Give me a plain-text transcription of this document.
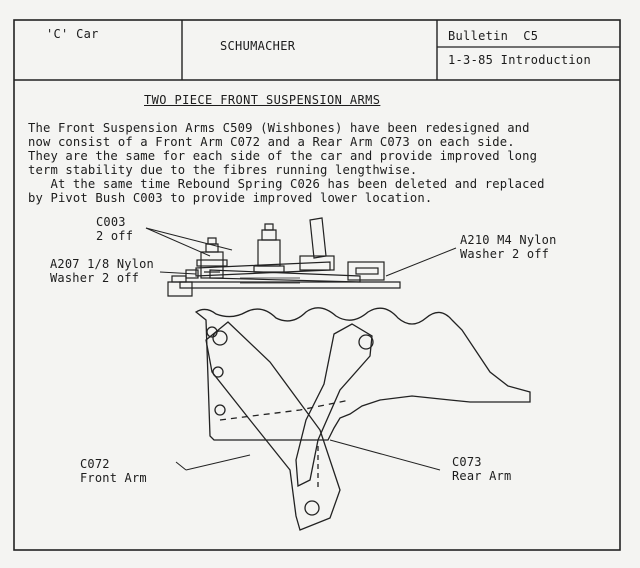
'C' Car
SCHUMACHER
Bulletin  C5
1-3-85 Introduction
TWO PIECE FRONT SUSPENSION ARMS
The Front Suspension Arms C509 (Wishbones) have been redesigned and
now consist of a Front Arm C072 and a Rear Arm C073 on each side.
They are the same for each side of the car and provide improved long
term stability due to the fibres running lengthwise.
At the same time Rebound Spring C026 has been deleted and replaced
by Pivot Bush C003 to provide improved lower location.
C003
2 off
A207 1/8 Nylon
Washer 2 off
A210 M4 Nylon
Washer 2 off
C072
Front Arm
C073
Rear Arm
